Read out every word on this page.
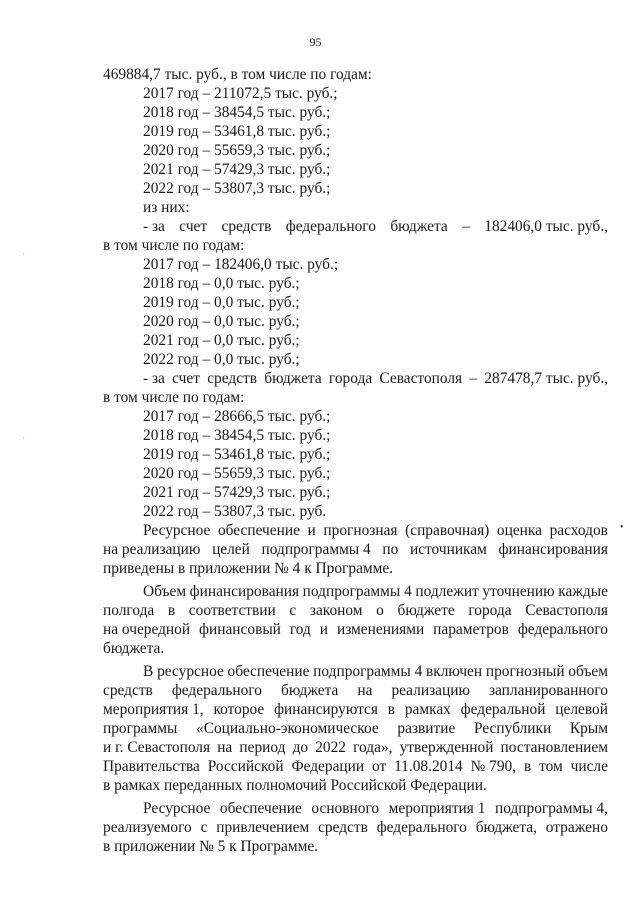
95
469884,7 тыс. руб., в том числе по годам:
2017 год – 211072,5 тыс. руб.;
2018 год – 38454,5 тыс. руб.;
2019 год – 53461,8 тыс. руб.;
2020 год – 55659,3 тыс. руб.;
2021 год – 57429,3 тыс. руб.;
2022 год – 53807,3 тыс. руб.;
из них:
- за счет средств федерального бюджета – 182406,0 тыс. руб.,
в том числе по годам:
2017 год – 182406,0 тыс. руб.;
2018 год – 0,0 тыс. руб.;
2019 год – 0,0 тыс. руб.;
2020 год – 0,0 тыс. руб.;
2021 год – 0,0 тыс. руб.;
2022 год – 0,0 тыс. руб.;
- за счет средств бюджета города Севастополя – 287478,7 тыс. руб.,
в том числе по годам:
2017 год – 28666,5 тыс. руб.;
2018 год – 38454,5 тыс. руб.;
2019 год – 53461,8 тыс. руб.;
2020 год – 55659,3 тыс. руб.;
2021 год – 57429,3 тыс. руб.;
2022 год – 53807,3 тыс. руб.
Ресурсное обеспечение и прогнозная (справочная) оценка расходов
на реализацию целей подпрограммы 4 по источникам финансирования
приведены в приложении № 4 к Программе.
Объем финансирования подпрограммы 4 подлежит уточнению каждые
полгода в соответствии с законом о бюджете города Севастополя
на очередной финансовый год и изменениями параметров федерального
бюджета.
В ресурсное обеспечение подпрограммы 4 включен прогнозный объем
средств федерального бюджета на реализацию запланированного
мероприятия 1, которое финансируются в рамках федеральной целевой
программы «Социально-экономическое развитие Республики Крым
и г. Севастополя на период до 2022 года», утвержденной постановлением
Правительства Российской Федерации от 11.08.2014 № 790, в том числе
в рамках переданных полномочий Российской Федерации.
Ресурсное обеспечение основного мероприятия 1 подпрограммы 4,
реализуемого с привлечением средств федерального бюджета, отражено
в приложении № 5 к Программе.
•
·
·
